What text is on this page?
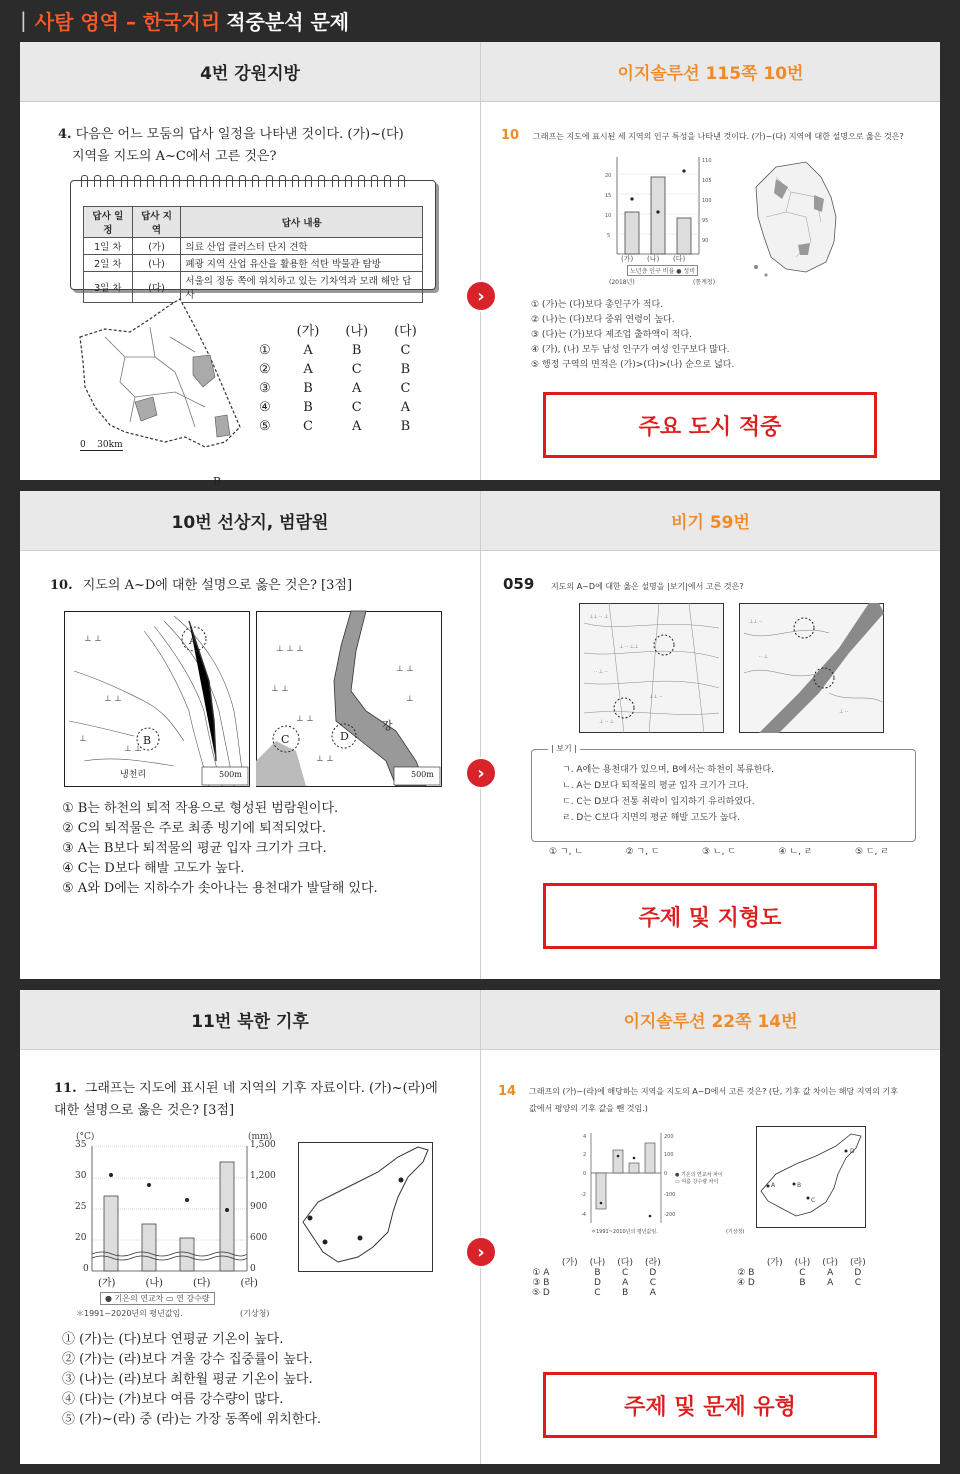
| 사탐 영역 – 한국지리 적중분석 문제
4번 강원지방	이지솔루션 115쪽 10번
4. 다음은 어느 모둠의 답사 일정을 나타낸 것이다. (가)~(다)
지역을 지도의 A~C에서 고른 것은?
답사 일정	답사 지역	답사 내용
1일 차	(가)	의료 산업 클러스터 단지 견학
2일 차	(나)	폐광 지역 산업 유산을 활용한 석탄 박물관 탐방
3일 차	(다)	서울의 정동 쪽에 위치하고 있는 기차역과 모래 해안 답사
B
0    30km
	(가)	(나)	(다)
①	A	B	C
②	A	C	B
③	B	A	C
④	B	C	A
⑤	C	A	B
10 그래프는 지도에 표시된 세 지역의 인구 특성을 나타낸 것이다. (가)~(다) 지역에 대한 설명으로 옳은 것은?
20
15
10
5
110
105
100
95
90
(가) (나) (다)
노년층 인구 비율 ● 성비
(2018년)	(통계청)
① (가)는 (다)보다 총인구가 적다.
② (나)는 (다)보다 중위 연령이 높다.
③ (다)는 (가)보다 제조업 출하액이 적다.
④ (가), (나) 모두 남성 인구가 여성 인구보다 많다.
⑤ 행정 구역의 면적은 (가)>(다)>(나) 순으로 넓다.
주요 도시 적중
›
10번 선상지, 범람원	비기 59번
10. 지도의 A~D에 대한 설명으로 옳은 것은? [3점]
⊥ ⊥
⊥ ⊥
⊥ ⊥
⊥
A
B
냉천리	500m
⊥ ⊥ ⊥
⊥ ⊥
⊥ ⊥
⊥ ⊥
⊥
⊥ ⊥
C	D
금
강
500m
① B는 하천의 퇴적 작용으로 형성된 범람원이다.
② C의 퇴적물은 주로 최종 빙기에 퇴적되었다.
③ A는 B보다 퇴적물의 평균 입자 크기가 크다.
④ C는 D보다 해발 고도가 높다.
⑤ A와 D에는 지하수가 솟아나는 용천대가 발달해 있다.
059 지도의 A~D에 대한 옳은 설명을 |보기|에서 고른 것은?
⊥⊥ ·· ⊥
⊥ ·· ⊥⊥
·· ⊥ ··
⊥⊥ ··
⊥ ·· ⊥
⊥⊥ ··
·· ⊥
⊥ ··
| 보기 |
ㄱ. A에는 용천대가 있으며, B에서는 하천이 복류한다.
ㄴ. A는 D보다 퇴적물의 평균 입자 크기가 크다.
ㄷ. C는 D보다 전통 취락이 입지하기 유리하였다.
ㄹ. D는 C보다 지면의 평균 해발 고도가 높다.
① ㄱ, ㄴ	② ㄱ, ㄷ	③ ㄴ, ㄷ	④ ㄴ, ㄹ	⑤ ㄷ, ㄹ
주제 및 지형도
›
11번 북한 기후	이지솔루션 22쪽 14번
11. 그래프는 지도에 표시된 네 지역의 기후 자료이다. (가)~(라)에
대한 설명으로 옳은 것은? [3점]
(°C)	(mm)
35
30
25
20
0
1,500
1,200
900
600
0
(가)	(나)	(다)	(라)
● 기온의 연교차 ▭ 연 강수량
＊1991~2020년의 평년값임.	(기상청)
① (가)는 (다)보다 연평균 기온이 높다.
② (가)는 (라)보다 겨울 강수 집중률이 높다.
③ (나)는 (라)보다 최한월 평균 기온이 높다.
④ (다)는 (가)보다 여름 강수량이 많다.
⑤ (가)~(라) 중 (라)는 가장 동쪽에 위치한다.
14 그래프의 (가)~(라)에 해당하는 지역을 지도의 A~D에서 고른 것은? (단, 기후 값 차이는 해당 지역의 기후
값에서 평양의 기후 값을 뺀 것임.)
4
2
0
-2
-4
200
100
0
-100
-200
● 기온의 연교차 차이
▭ 여름 강수량 차이
＊1991~2010년의 평년값임.	(기상청)
D
A	B
C
	(가)	(나)	(다)	(라)
① A		B	C	D
③ B		D	A	C
⑤ D		C	B	A
	(가)	(나)	(다)	(라)
② B		C	A	D
④ D		B	A	C
주제 및 문제 유형
›
